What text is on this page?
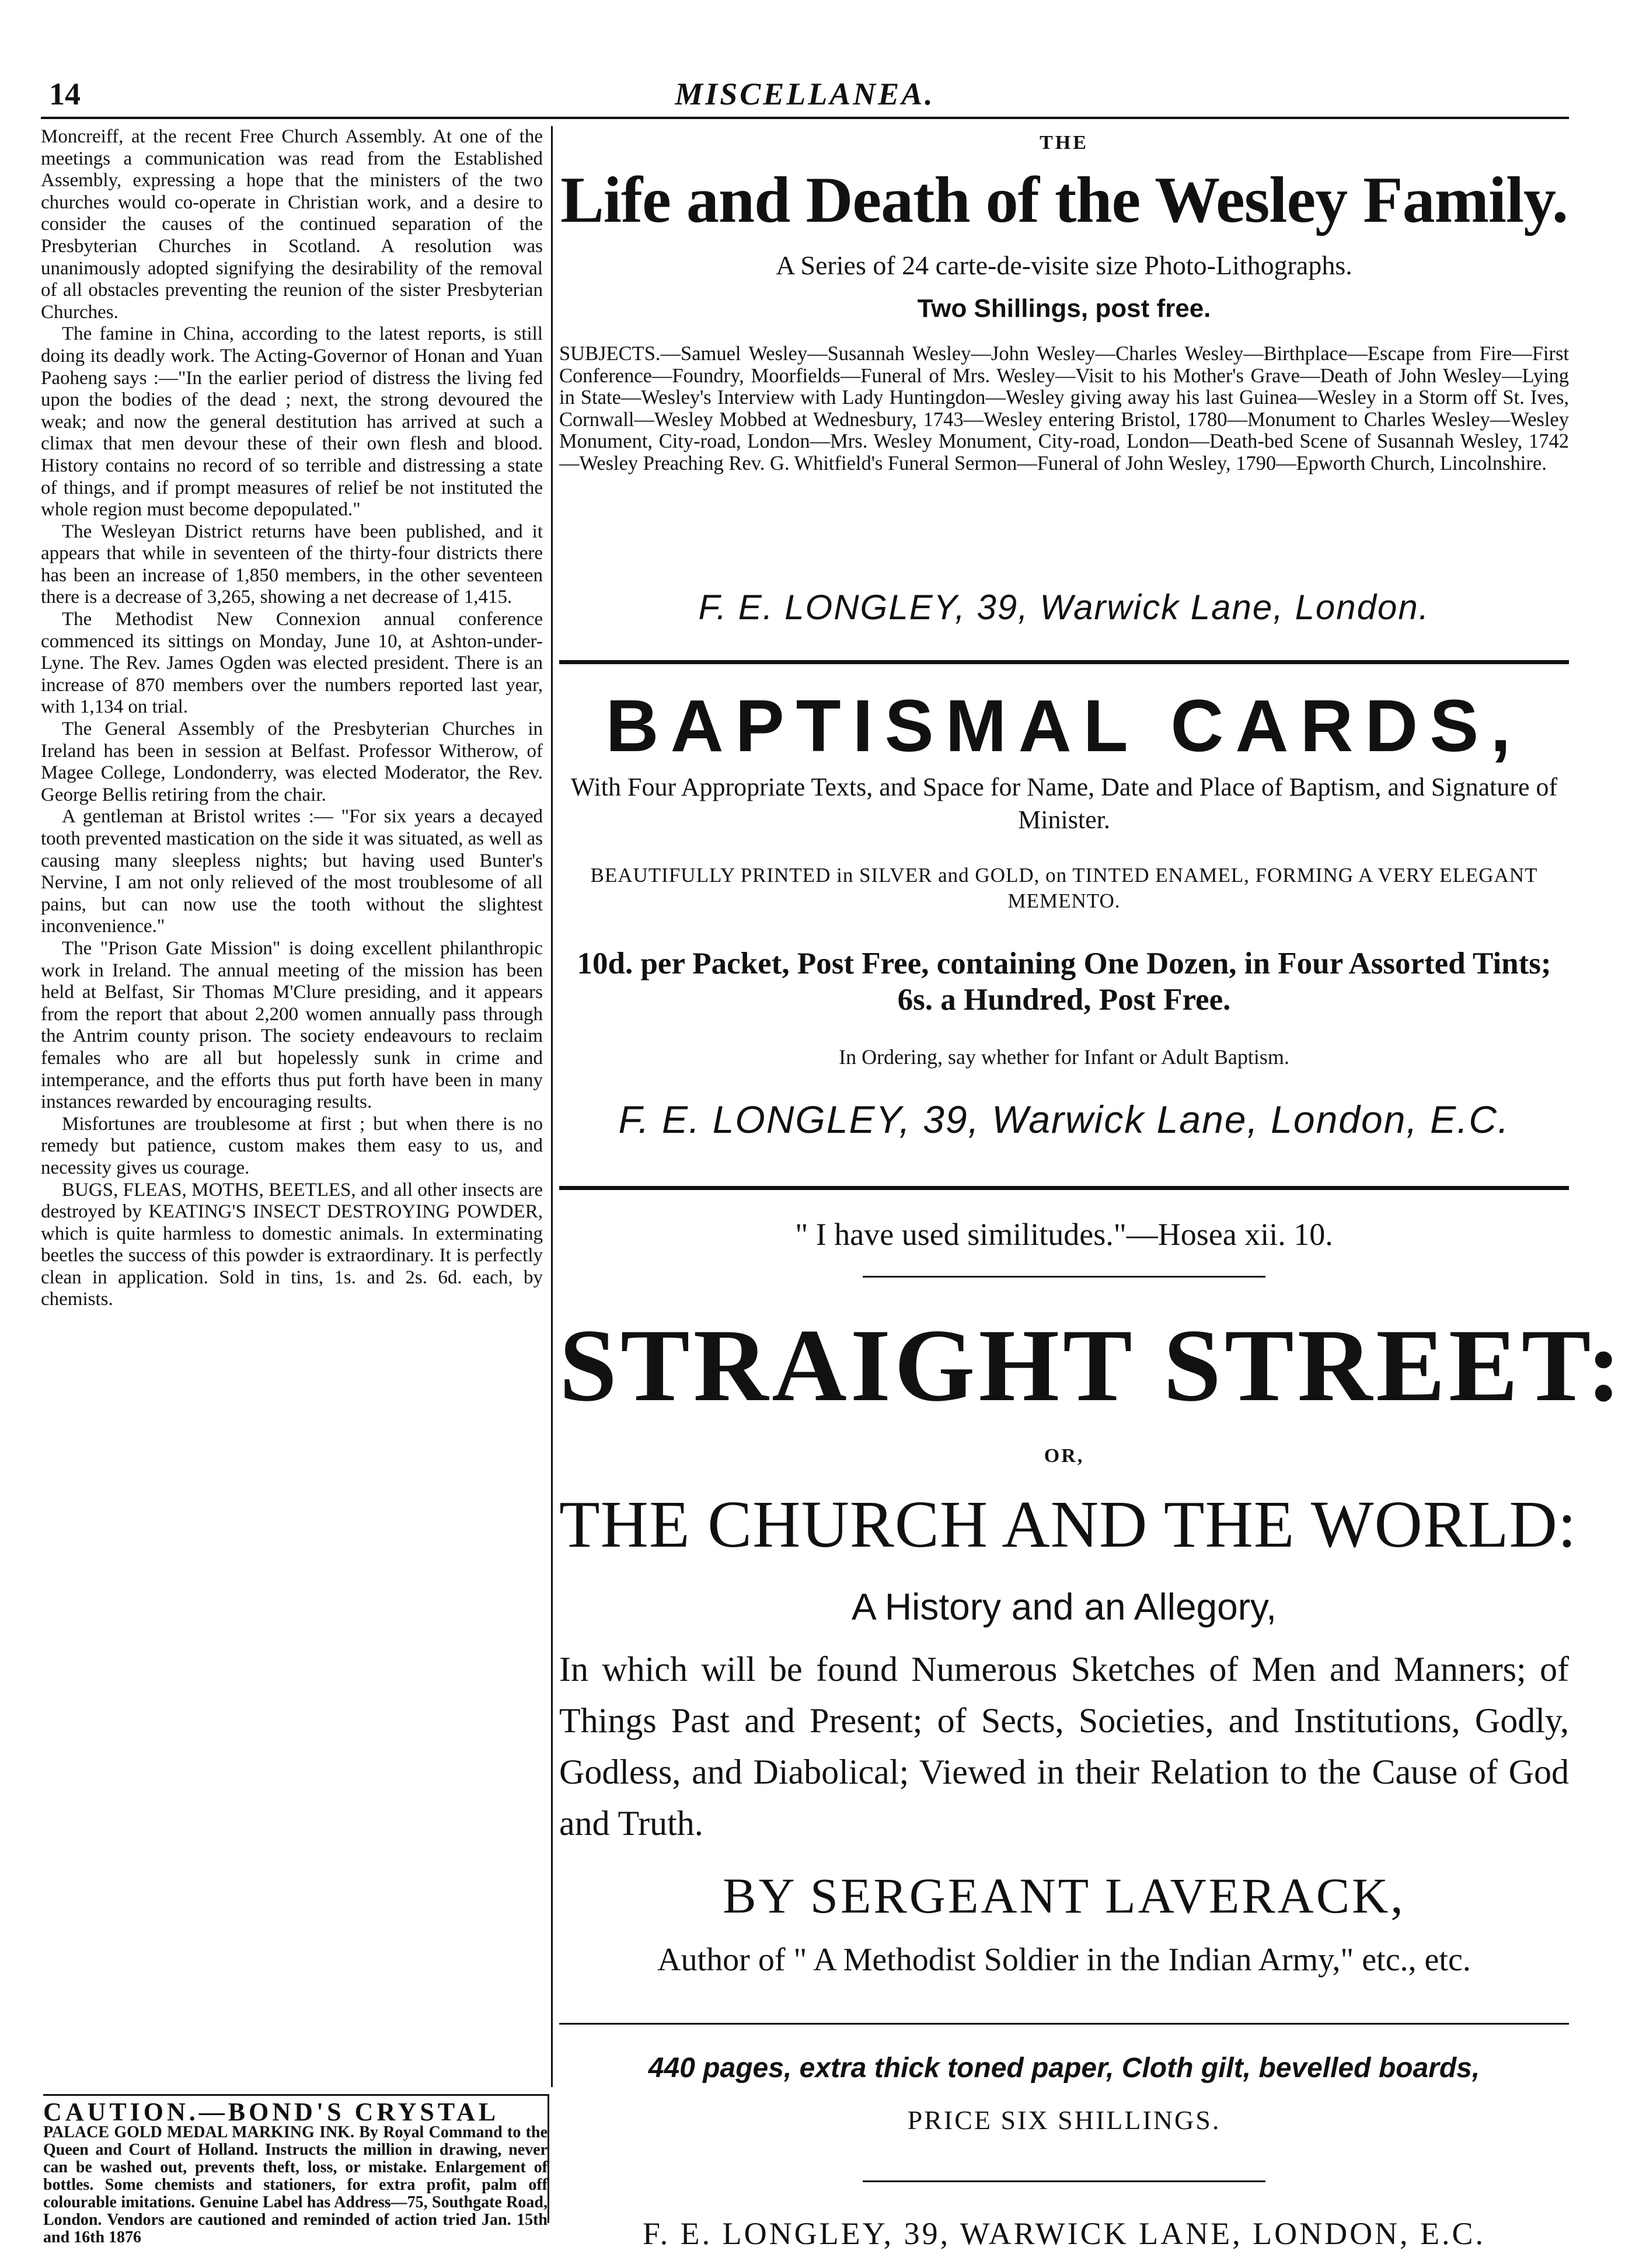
14	MISCELLANEA.

Moncreiff, at the recent Free Church Assembly. At one of the meetings a communication was read from the Established Assembly, expressing a hope that the ministers of the two churches would co-operate in Christian work, and a desire to consider the causes of the continued separation of the Presbyterian Churches in Scotland. A resolution was unanimously adopted signifying the desirability of the removal of all obstacles preventing the reunion of the sister Presbyterian Churches.

The famine in China, according to the latest reports, is still doing its deadly work. The Acting-Governor of Honan and Yuan Paoheng says :—"In the earlier period of distress the living fed upon the bodies of the dead ; next, the strong devoured the weak; and now the general destitution has arrived at such a climax that men devour these of their own flesh and blood. History contains no record of so terrible and distressing a state of things, and if prompt measures of relief be not instituted the whole region must become depopulated."

The Wesleyan District returns have been published, and it appears that while in seventeen of the thirty-four districts there has been an increase of 1,850 members, in the other seventeen there is a decrease of 3,265, showing a net decrease of 1,415.

The Methodist New Connexion annual conference commenced its sittings on Monday, June 10, at Ashton-under-Lyne. The Rev. James Ogden was elected president. There is an increase of 870 members over the numbers reported last year, with 1,134 on trial.

The General Assembly of the Presbyterian Churches in Ireland has been in session at Belfast. Professor Witherow, of Magee College, Londonderry, was elected Moderator, the Rev. George Bellis retiring from the chair.

A gentleman at Bristol writes :— "For six years a decayed tooth prevented mastication on the side it was situated, as well as causing many sleepless nights; but having used Bunter's Nervine, I am not only relieved of the most troublesome of all pains, but can now use the tooth without the slightest inconvenience."

The "Prison Gate Mission" is doing excellent philanthropic work in Ireland. The annual meeting of the mission has been held at Belfast, Sir Thomas M'Clure presiding, and it appears from the report that about 2,200 women annually pass through the Antrim county prison. The society endeavours to reclaim females who are all but hopelessly sunk in crime and intemperance, and the efforts thus put forth have been in many instances rewarded by encouraging results.

Misfortunes are troublesome at first ; but when there is no remedy but patience, custom makes them easy to us, and necessity gives us courage.

BUGS, FLEAS, MOTHS, BEETLES, and all other insects are destroyed by KEATING'S INSECT DESTROYING POWDER, which is quite harmless to domestic animals. In exterminating beetles the success of this powder is extraordinary. It is perfectly clean in application. Sold in tins, 1s. and 2s. 6d. each, by chemists.

CAUTION.—BOND'S CRYSTAL
PALACE GOLD MEDAL MARKING INK. By Royal Command to the Queen and Court of Holland. Instructs the million in drawing, never can be washed out, prevents theft, loss, or mistake. Enlargement of bottles. Some chemists and stationers, for extra profit, palm off colourable imitations. Genuine Label has Address—75, Southgate Road, London. Vendors are cautioned and reminded of action tried Jan. 15th and 16th 1876
THE
Life and Death of the Wesley Family.
A Series of 24 carte-de-visite size Photo-Lithographs.
Two Shillings, post free.
SUBJECTS.—Samuel Wesley—Susannah Wesley—John Wesley—Charles Wesley—Birthplace—Escape from Fire—First Conference—Foundry, Moorfields—Funeral of Mrs. Wesley—Visit to his Mother's Grave—Death of John Wesley—Lying in State—Wesley's Interview with Lady Huntingdon—Wesley giving away his last Guinea—Wesley in a Storm off St. Ives, Cornwall—Wesley Mobbed at Wednesbury, 1743—Wesley entering Bristol, 1780—Monument to Charles Wesley—Wesley Monument, City-road, London—Mrs. Wesley Monument, City-road, London—Death-bed Scene of Susannah Wesley, 1742—Wesley Preaching Rev. G. Whitfield's Funeral Sermon—Funeral of John Wesley, 1790—Epworth Church, Lincolnshire.
F. E. LONGLEY, 39, Warwick Lane, London.
BAPTISMAL CARDS,
With Four Appropriate Texts, and Space for Name, Date and Place of Baptism, and Signature of Minister.
BEAUTIFULLY PRINTED in SILVER and GOLD, on TINTED ENAMEL, FORMING A VERY ELEGANT MEMENTO.
10d. per Packet, Post Free, containing One Dozen, in Four Assorted Tints; 6s. a Hundred, Post Free.
In Ordering, say whether for Infant or Adult Baptism.
F. E. LONGLEY, 39, Warwick Lane, London, E.C.
" I have used similitudes."—Hosea xii. 10.
STRAIGHT STREET:
OR,
THE CHURCH AND THE WORLD:
A History and an Allegory,
In which will be found Numerous Sketches of Men and Manners; of Things Past and Present; of Sects, Societies, and Institutions, Godly, Godless, and Diabolical; Viewed in their Relation to the Cause of God and Truth.
BY SERGEANT LAVERACK,
Author of " A Methodist Soldier in the Indian Army," etc., etc.
440 pages, extra thick toned paper, Cloth gilt, bevelled boards,
PRICE SIX SHILLINGS.
F. E. LONGLEY, 39, WARWICK LANE, LONDON, E.C.
